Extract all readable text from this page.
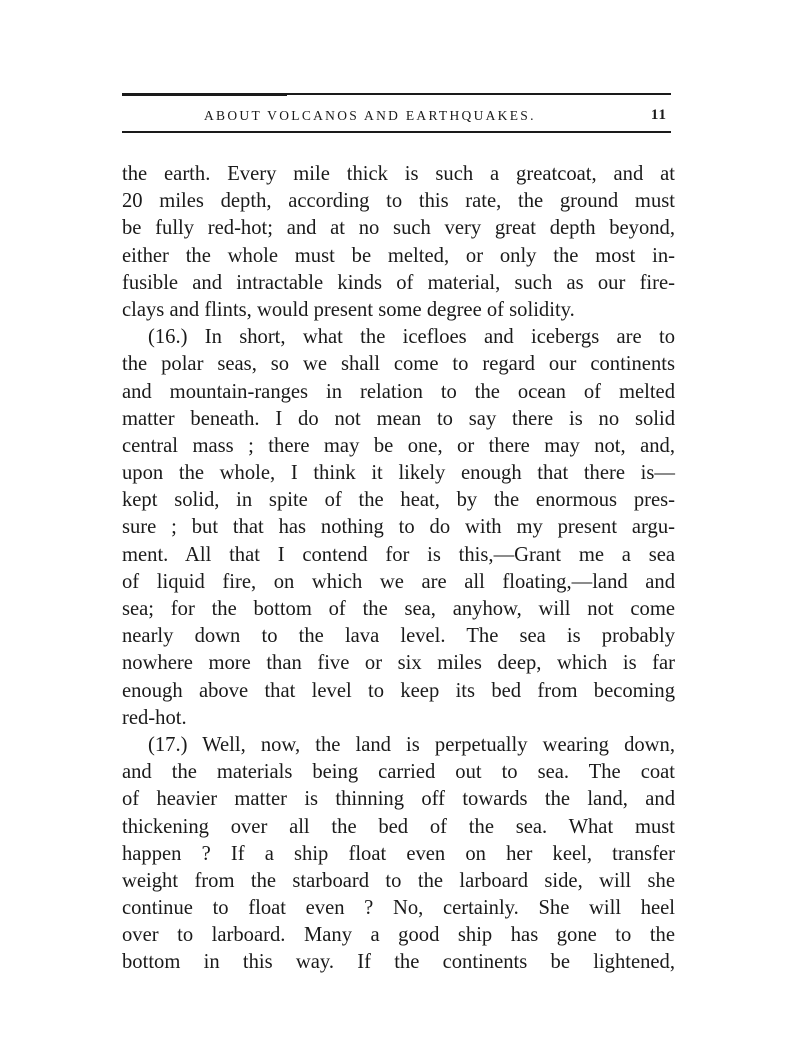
ABOUT VOLCANOS AND EARTHQUAKES.	11
the earth. Every mile thick is such a greatcoat, and at
20 miles depth, according to this rate, the ground must
be fully red-hot; and at no such very great depth beyond,
either the whole must be melted, or only the most in-
fusible and intractable kinds of material, such as our fire-
clays and flints, would present some degree of solidity.
(16.) In short, what the icefloes and icebergs are to
the polar seas, so we shall come to regard our continents
and mountain-ranges in relation to the ocean of melted
matter beneath. I do not mean to say there is no solid
central mass ; there may be one, or there may not, and,
upon the whole, I think it likely enough that there is—
kept solid, in spite of the heat, by the enormous pres-
sure ; but that has nothing to do with my present argu-
ment. All that I contend for is this,—Grant me a sea
of liquid fire, on which we are all floating,—land and
sea; for the bottom of the sea, anyhow, will not come
nearly down to the lava level. The sea is probably
nowhere more than five or six miles deep, which is far
enough above that level to keep its bed from becoming
red-hot.
(17.) Well, now, the land is perpetually wearing down,
and the materials being carried out to sea. The coat
of heavier matter is thinning off towards the land, and
thickening over all the bed of the sea. What must
happen ? If a ship float even on her keel, transfer
weight from the starboard to the larboard side, will she
continue to float even ? No, certainly. She will heel
over to larboard. Many a good ship has gone to the
bottom in this way. If the continents be lightened,
